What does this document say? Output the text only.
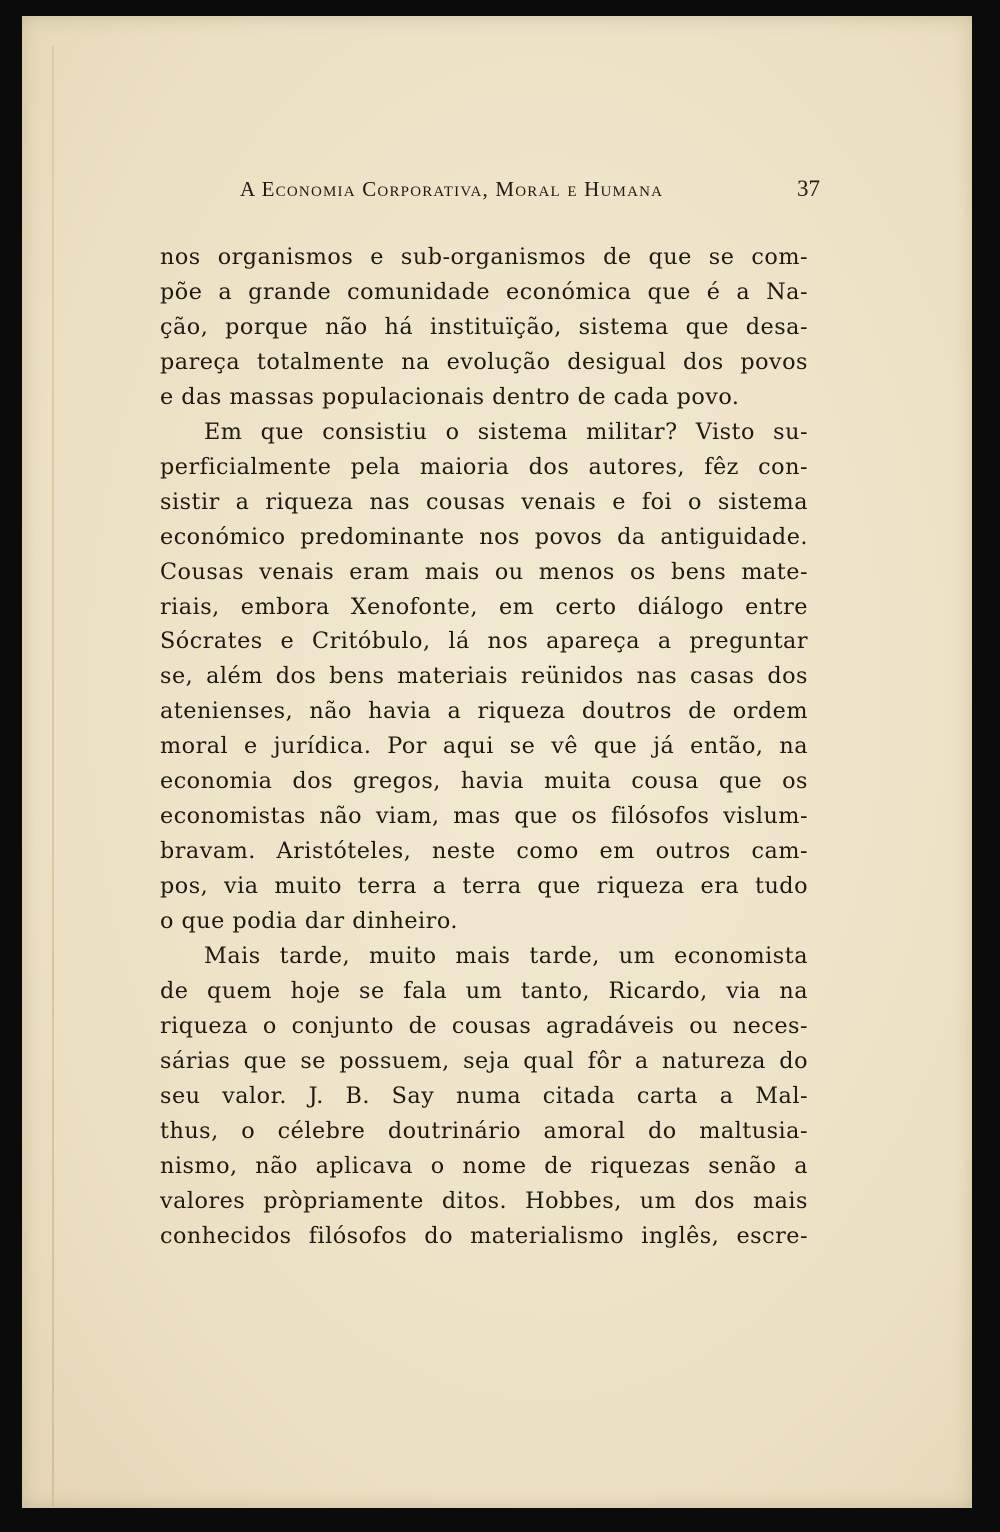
A Economia Corporativa, Moral e Humana	37
nos organismos e sub-organismos de que se com-
põe a grande comunidade económica que é a Na-
ção, porque não há instituïção, sistema que desa-
pareça totalmente na evolução desigual dos povos
e das massas populacionais dentro de cada povo.
Em que consistiu o sistema militar? Visto su-
perficialmente pela maioria dos autores, fêz con-
sistir a riqueza nas cousas venais e foi o sistema
económico predominante nos povos da antiguidade.
Cousas venais eram mais ou menos os bens mate-
riais, embora Xenofonte, em certo diálogo entre
Sócrates e Critóbulo, lá nos apareça a preguntar
se, além dos bens materiais reünidos nas casas dos
atenienses, não havia a riqueza doutros de ordem
moral e jurídica. Por aqui se vê que já então, na
economia dos gregos, havia muita cousa que os
economistas não viam, mas que os filósofos vislum-
bravam. Aristóteles, neste como em outros cam-
pos, via muito terra a terra que riqueza era tudo
o que podia dar dinheiro.
Mais tarde, muito mais tarde, um economista
de quem hoje se fala um tanto, Ricardo, via na
riqueza o conjunto de cousas agradáveis ou neces-
sárias que se possuem, seja qual fôr a natureza do
seu valor. J. B. Say numa citada carta a Mal-
thus, o célebre doutrinário amoral do maltusia-
nismo, não aplicava o nome de riquezas senão a
valores pròpriamente ditos. Hobbes, um dos mais
conhecidos filósofos do materialismo inglês, escre-
